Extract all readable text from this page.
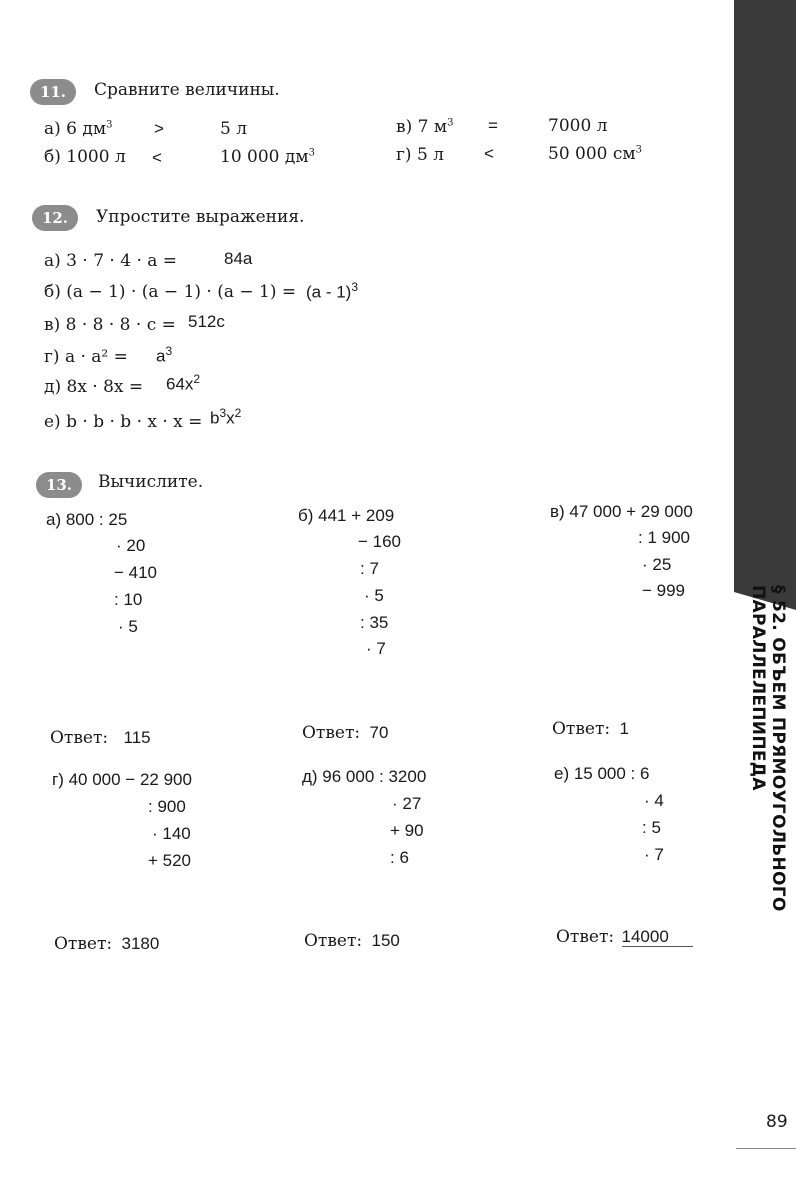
§ 52. ОБЪЕМ ПРЯМОУГОЛЬНОГО ПАРАЛЛЕЛЕПИПЕДА
89
11.	Сравните величины.
а) 6 $дм^3$ >	5 л
б) 1000 л <	10 000 $дм^3$
в) 7 $м^3$ =	7000 л
г) 5 л <	50 000 $см^3$
12.	Упростите выражения.
а) 3 · 7 · 4 · a =	84a
б) (a − 1) · (a − 1) · (a − 1) = (a - 1)$^3$
в) 8 · 8 · 8 · c = 512c
г) $a \cdot a^2 = a^3$
д) $8x \cdot 8x = 64x^2$
е) $b \cdot b \cdot b \cdot x \cdot x = b^3x^2$
13.	Вычислите.
а) 800 : 25
· 20
− 410
: 10
· 5
б) 441 + 209
− 160
: 7
· 5
: 35
· 7
в) 47 000 + 29 000
: 1 900
· 25
− 999
Ответ: 115	Ответ: 70	Ответ: 1
г) 40 000 − 22 900
: 900
· 140
+ 520
д) 96 000 : 3200
· 27
+ 90
: 6
е) 15 000 : 6
· 4
: 5
· 7
Ответ: 3180	Ответ: 150	Ответ: 14000
